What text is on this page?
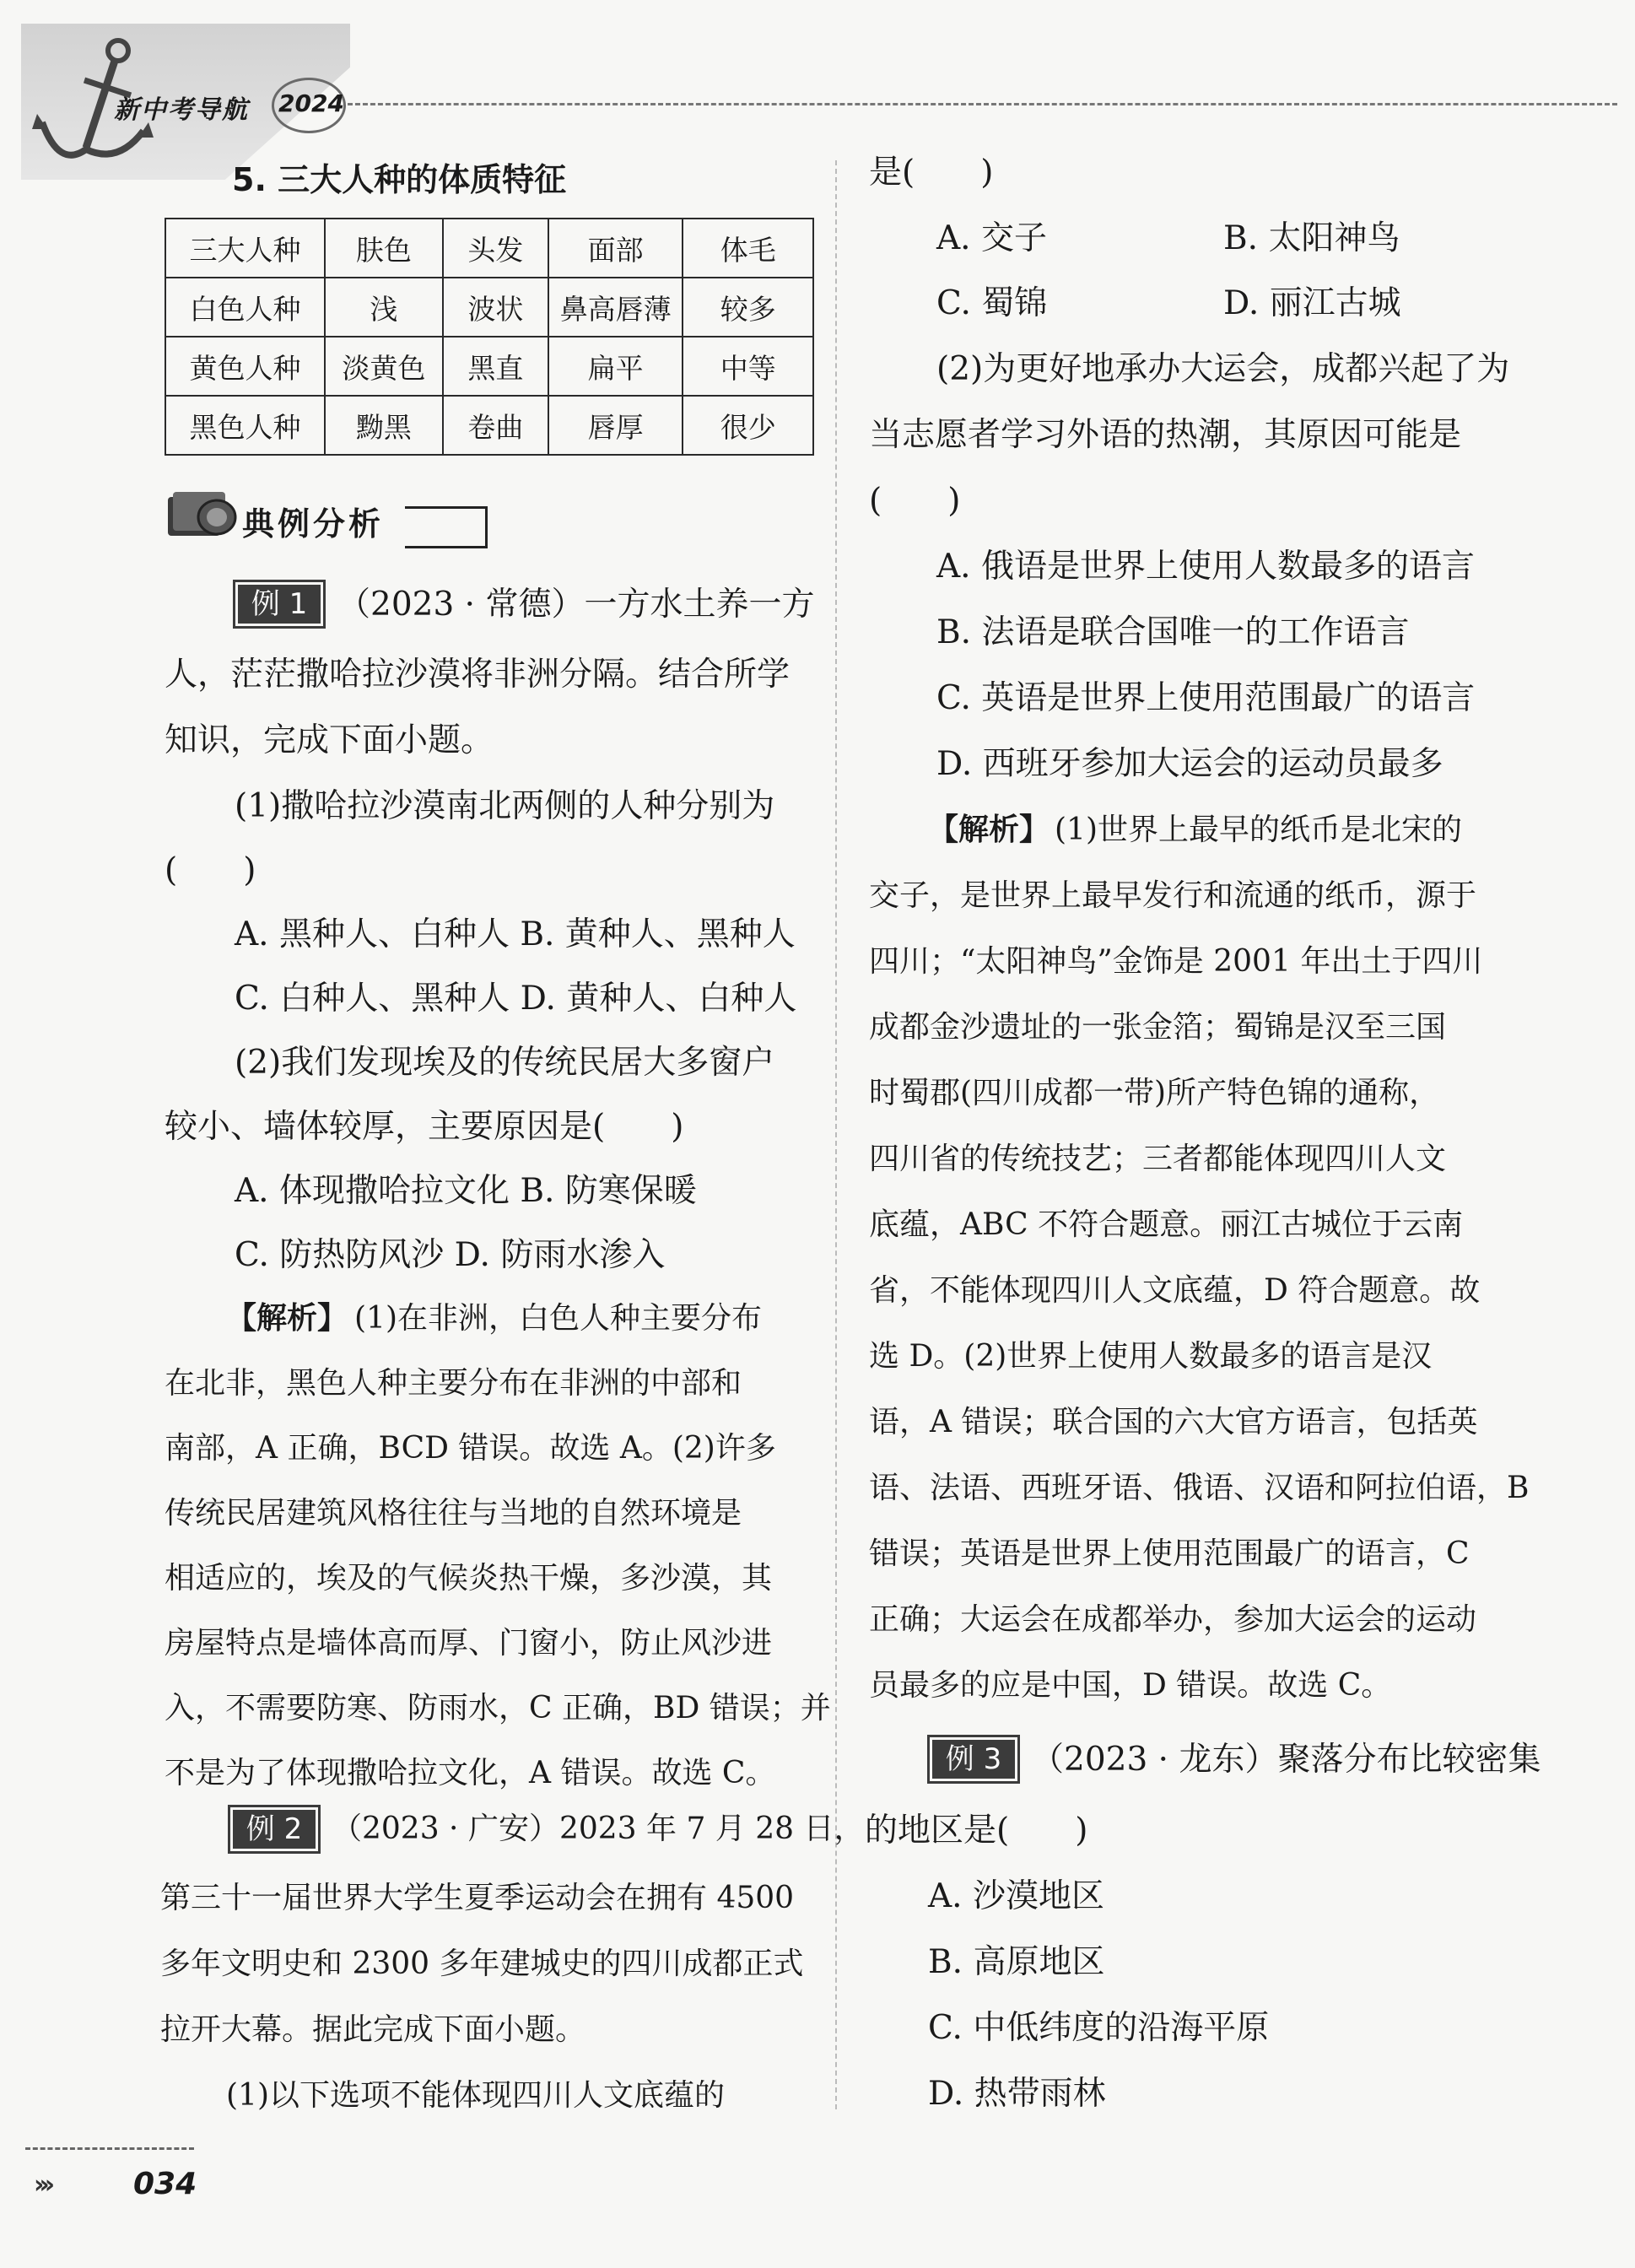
新中考导航 2024
5. 三大人种的体质特征
三大人种	肤色	头发	面部	体毛
白色人种	浅	波状	鼻高唇薄	较多
黄色人种	淡黄色	黑直	扁平	中等
黑色人种	黝黑	卷曲	唇厚	很少
典例分析
例 1 （2023 · 常德）一方水土养一方
人，茫茫撒哈拉沙漠将非洲分隔。结合所学
知识，完成下面小题。
(1)撒哈拉沙漠南北两侧的人种分别为
(　　)
A. 黑种人、白种人 B. 黄种人、黑种人
C. 白种人、黑种人 D. 黄种人、白种人
(2)我们发现埃及的传统民居大多窗户
较小、墙体较厚，主要原因是(　　)
A. 体现撒哈拉文化 B. 防寒保暖
C. 防热防风沙 D. 防雨水渗入
【解析】 (1)在非洲，白色人种主要分布
在北非，黑色人种主要分布在非洲的中部和
南部，A 正确，BCD 错误。故选 A。(2)许多
传统民居建筑风格往往与当地的自然环境是
相适应的，埃及的气候炎热干燥，多沙漠，其
房屋特点是墙体高而厚、门窗小，防止风沙进
入，不需要防寒、防雨水，C 正确，BD 错误；并
不是为了体现撒哈拉文化，A 错误。故选 C。
例 2 （2023 · 广安）2023 年 7 月 28 日，
第三十一届世界大学生夏季运动会在拥有 4500
多年文明史和 2300 多年建城史的四川成都正式
拉开大幕。据此完成下面小题。
(1)以下选项不能体现四川人文底蕴的
是(　　)
A. 交子	B. 太阳神鸟
C. 蜀锦	D. 丽江古城
(2)为更好地承办大运会，成都兴起了为
当志愿者学习外语的热潮，其原因可能是
(　　)
A. 俄语是世界上使用人数最多的语言
B. 法语是联合国唯一的工作语言
C. 英语是世界上使用范围最广的语言
D. 西班牙参加大运会的运动员最多
【解析】 (1)世界上最早的纸币是北宋的
交子，是世界上最早发行和流通的纸币，源于
四川；“太阳神鸟”金饰是 2001 年出土于四川
成都金沙遗址的一张金箔；蜀锦是汉至三国
时蜀郡(四川成都一带)所产特色锦的通称，
四川省的传统技艺；三者都能体现四川人文
底蕴，ABC 不符合题意。丽江古城位于云南
省，不能体现四川人文底蕴，D 符合题意。故
选 D。(2)世界上使用人数最多的语言是汉
语，A 错误；联合国的六大官方语言，包括英
语、法语、西班牙语、俄语、汉语和阿拉伯语，B
错误；英语是世界上使用范围最广的语言，C
正确；大运会在成都举办，参加大运会的运动
员最多的应是中国，D 错误。故选 C。
例 3 （2023 · 龙东）聚落分布比较密集
的地区是(　　)
A. 沙漠地区
B. 高原地区
C. 中低纬度的沿海平原
D. 热带雨林
›››	034
